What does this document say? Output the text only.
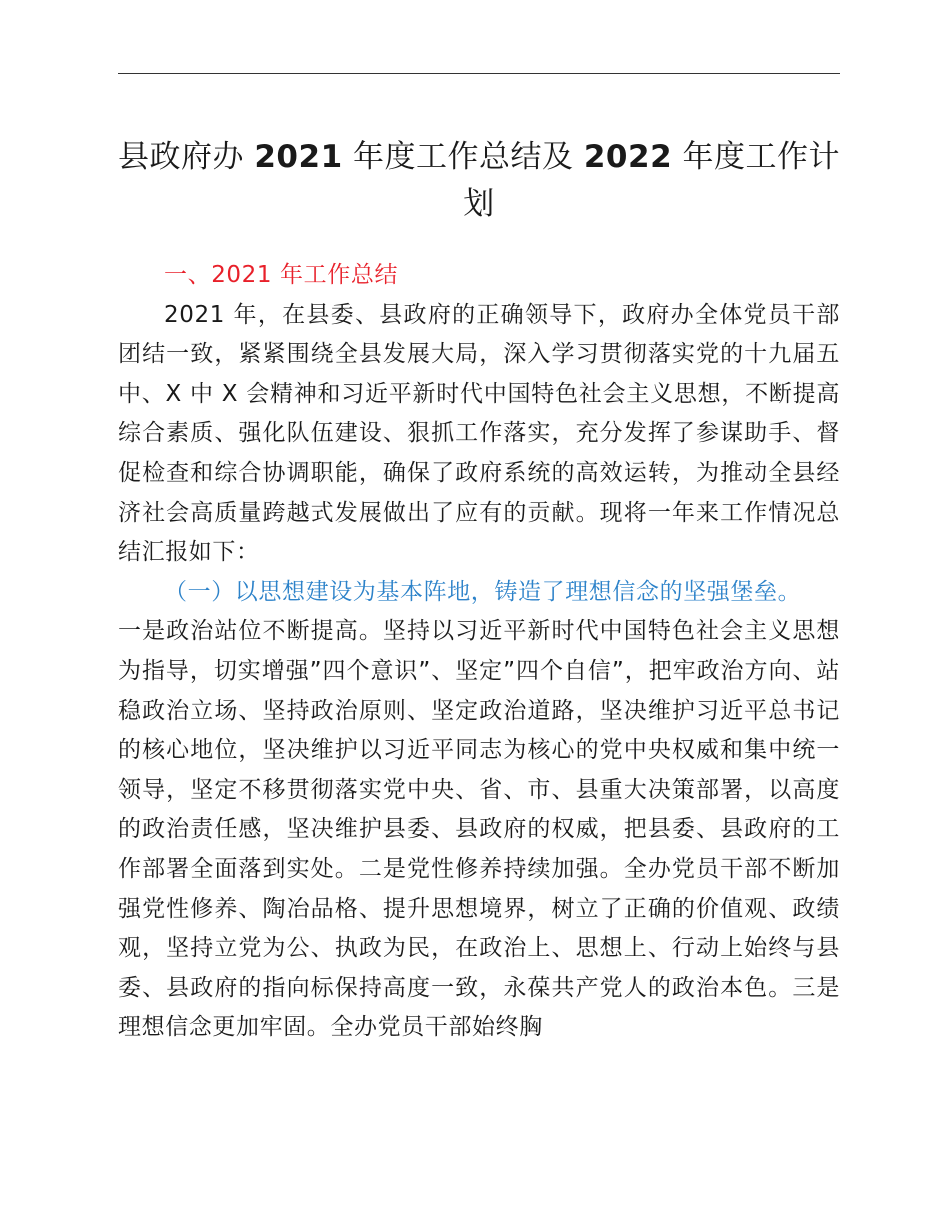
县政府办 2021 年度工作总结及 2022 年度工作计划

一、2021 年工作总结

2021 年，在县委、县政府的正确领导下，政府办全体党员干部团结一致，紧紧围绕全县发展大局，深入学习贯彻落实党的十九届五中、X 中 X 会精神和习近平新时代中国特色社会主义思想，不断提高综合素质、强化队伍建设、狠抓工作落实，充分发挥了参谋助手、督促检查和综合协调职能，确保了政府系统的高效运转，为推动全县经济社会高质量跨越式发展做出了应有的贡献。现将一年来工作情况总结汇报如下：

（一）以思想建设为基本阵地，铸造了理想信念的坚强堡垒。

一是政治站位不断提高。坚持以习近平新时代中国特色社会主义思想为指导，切实增强”四个意识”、坚定”四个自信”，把牢政治方向、站稳政治立场、坚持政治原则、坚定政治道路，坚决维护习近平总书记的核心地位，坚决维护以习近平同志为核心的党中央权威和集中统一领导，坚定不移贯彻落实党中央、省、市、县重大决策部署，以高度的政治责任感，坚决维护县委、县政府的权威，把县委、县政府的工作部署全面落到实处。二是党性修养持续加强。全办党员干部不断加强党性修养、陶冶品格、提升思想境界，树立了正确的价值观、政绩观，坚持立党为公、执政为民，在政治上、思想上、行动上始终与县委、县政府的指向标保持高度一致，永葆共产党人的政治本色。三是理想信念更加牢固。全办党员干部始终胸
